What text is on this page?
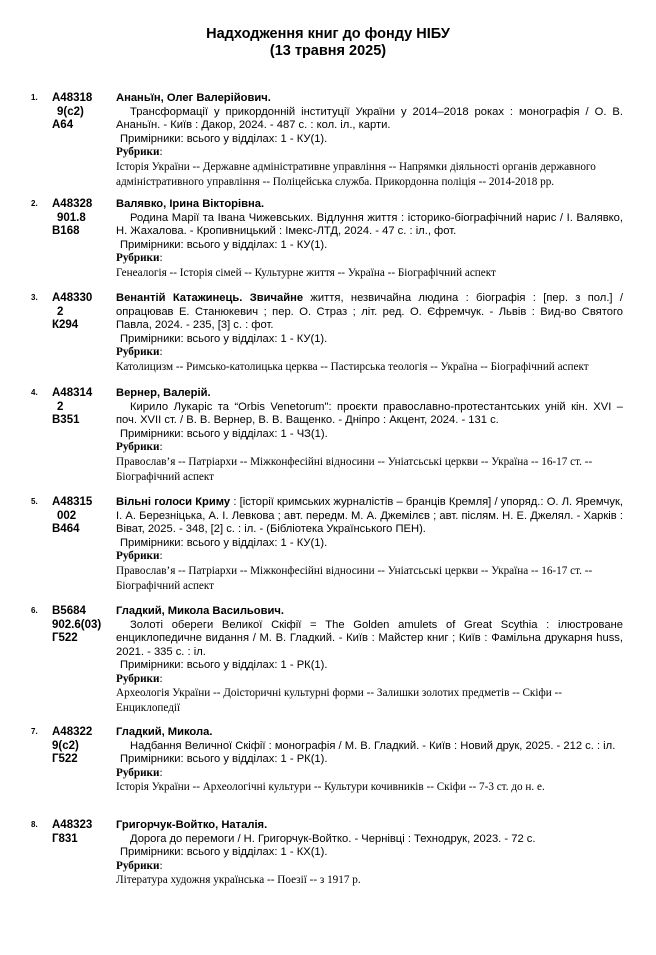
Надходження книг до фонду НІБУ
(13 травня 2025)
1. А48318
9(с2)
А64
Ананьїн, Олег Валерійович.
Трансформації у прикордонній інституції України у 2014–2018 роках : монографія / О. В. Ананьїн. - Київ : Дакор, 2024. - 487 с. : кол. іл., карти.
Примірники: всього у відділах: 1 - КУ(1).
Рубрики:
Історія України -- Державне адміністративне управління -- Напрямки діяльності органів державного адміністративного управління -- Поліцейська служба. Прикордонна поліція -- 2014-2018 рр.
2. А48328
901.8
В168
Валявко, Ірина Вікторівна.
Родина Марії та Івана Чижевських. Відлуння життя : історико-біографічний нарис / І. Валявко, Н. Жахалова. - Кропивницький : Імекс-ЛТД, 2024. - 47 с. : іл., фот.
Примірники: всього у відділах: 1 - КУ(1).
Рубрики:
Генеалогія -- Історія сімей -- Культурне життя -- Україна -- Біографічний аспект
3. А48330
2
К294
Венантій Катажинець. Звичайне життя, незвичайна людина : біографія : [пер. з пол.] / опрацював Е. Станюкевич ; пер. О. Страз ; літ. ред. О. Єфремчук. - Львів : Вид-во Святого Павла, 2024. - 235, [3] с. : фот.
Примірники: всього у відділах: 1 - КУ(1).
Рубрики:
Католицизм -- Римсько-католицька церква -- Пастирська теологія -- Україна -- Біографічний аспект
4. А48314
2
В351
Вернер, Валерій.
Кирило Лукаріс та “Orbis Venetorum": проєкти православно-протестантських уній кін. XVI – поч. XVII ст. / В. В. Вернер, В. В. Ващенко. - Дніпро : Акцент, 2024. - 131 с.
Примірники: всього у відділах: 1 - ЧЗ(1).
Рубрики:
Православ’я -- Патріархи -- Міжконфесійні відносини -- Уніатсьські церкви -- Україна -- 16-17 ст. -- Біографічний аспект
5. А48315
002
В464
Вільні голоси Криму : [історії кримських журналістів – бранців Кремля] / упоряд.: О. Л. Яремчук, І. А. Березніцька, А. І. Левкова ; авт. передм. М. А. Джемілєв ; авт. післям. Н. Е. Джелял. - Харків : Віват, 2025. - 348, [2] с. : іл. - (Бібліотека Українського ПЕН).
Примірники: всього у відділах: 1 - КУ(1).
Рубрики:
Православ’я -- Патріархи -- Міжконфесійні відносини -- Уніатсьські церкви -- Україна -- 16-17 ст. -- Біографічний аспект
6. В5684
902.6(03)
Г522
Гладкий, Микола Васильович.
Золоті обереги Великої Скіфії = The Golden amulets of Great Scythia : ілюстроване енциклопедичне видання / М. В. Гладкий. - Київ : Майстер книг ; Київ : Фамільна друкарня huss, 2021. - 335 с. : іл.
Примірники: всього у відділах: 1 - РК(1).
Рубрики:
Археологія України -- Доісторичні культурні форми -- Залишки золотих предметів -- Скіфи -- Енциклопедії
7. А48322
9(с2)
Г522
Гладкий, Микола.
Надбання Величної Скіфії : монографія / М. В. Гладкий. - Київ : Новий друк, 2025. - 212 с. : іл.
Примірники: всього у відділах: 1 - РК(1).
Рубрики:
Історія України -- Археологічні культури -- Культури кочивників -- Скіфи -- 7-3 ст. до н. е.
8. А48323
Г831
Григорчук-Войтко, Наталія.
Дорога до перемоги / Н. Григорчук-Войтко. - Чернівці : Технодрук, 2023. - 72 с.
Примірники: всього у відділах: 1 - КХ(1).
Рубрики:
Література художня українська -- Поезії -- з 1917 р.
